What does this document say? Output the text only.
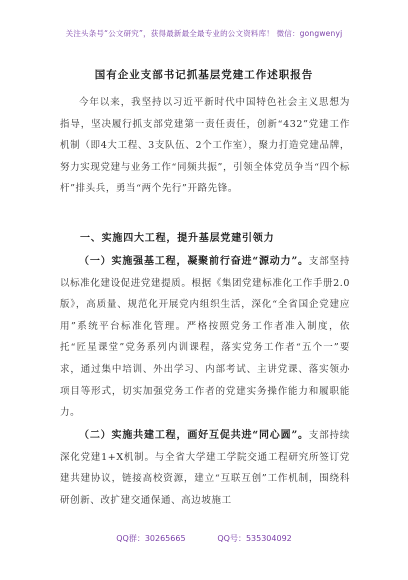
关注头条号“公文研究”，获得最新最全最专业的公文资料库！ 微信：gongwenyj
国有企业支部书记抓基层党建工作述职报告

今年以来，我坚持以习近平新时代中国特色社会主义思想为指导，坚决履行抓支部党建第一责任责任，创新“432”党建工作机制（即4大工程、3支队伍、2个工作室），聚力打造党建品牌，努力实现党建与业务工作“同频共振”，引领全体党员争当“四个标杆”排头兵，勇当“两个先行”开路先锋。

一、实施四大工程，提升基层党建引领力

（一）实施强基工程，凝聚前行奋进“源动力”。支部坚持以标准化建设促进党建提质。根据《集团党建标准化工作手册2.0版》，高质量、规范化开展党内组织生活，深化“全省国企党建应用”系统平台标准化管理。严格按照党务工作者准入制度，依托“匠星课堂”党务系列内训课程，落实党务工作者“五个一”要求，通过集中培训、外出学习、内部考试、主讲党课、落实领办项目等形式，切实加强党务工作者的党建实务操作能力和履职能力。

（二）实施共建工程，画好互促共进“同心圆”。支部持续深化党建1+X机制。与全省大学建工学院交通工程研究所签订党建共建协议，链接高校资源，建立“互联互创”工作机制，围绕科研创新、改扩建交通保通、高边坡施工

QQ群：30265665	QQ号：535304092
